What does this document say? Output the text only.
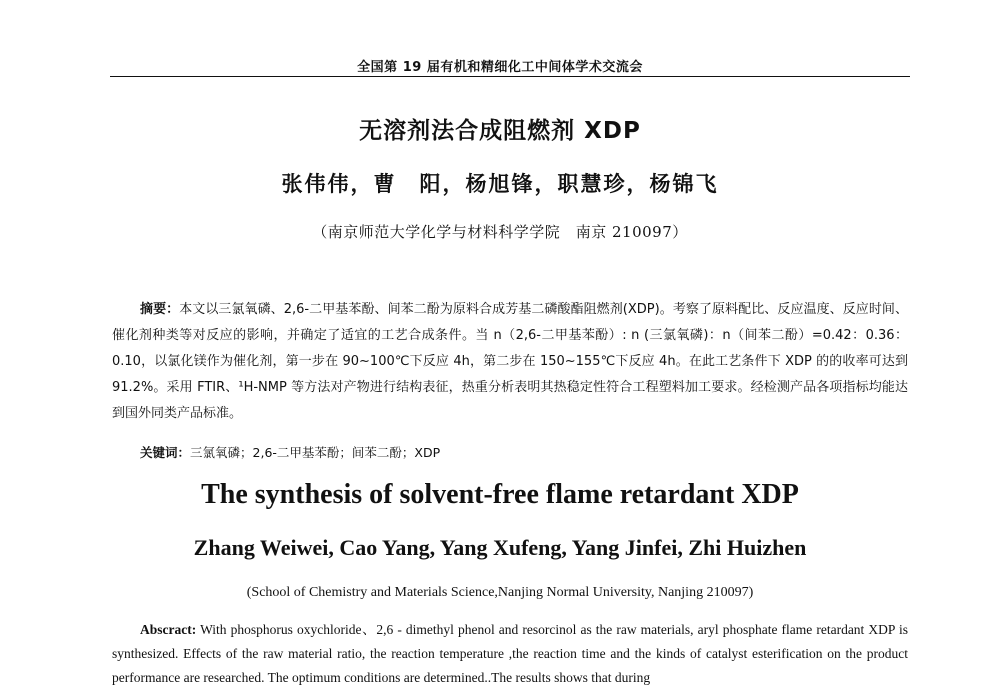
全国第 19 届有机和精细化工中间体学术交流会
无溶剂法合成阻燃剂 XDP
张伟伟，曹　阳，杨旭锋，职慧珍，杨锦飞
（南京师范大学化学与材料科学学院　南京 210097）
摘要：本文以三氯氧磷、2,6-二甲基苯酚、间苯二酚为原料合成芳基二磷酸酯阻燃剂(XDP)。考察了原料配比、反应温度、反应时间、催化剂种类等对反应的影响，并确定了适宜的工艺合成条件。当 n（2,6-二甲基苯酚）: n (三氯氧磷)：n（间苯二酚）=0.42：0.36：0.10，以氯化镁作为催化剂，第一步在 90~100℃下反应 4h，第二步在 150~155℃下反应 4h。在此工艺条件下 XDP 的的收率可达到 91.2%。采用 FTIR、¹H-NMP 等方法对产物进行结构表征，热重分析表明其热稳定性符合工程塑料加工要求。经检测产品各项指标均能达到国外同类产品标准。
关键词：三氯氧磷；2,6-二甲基苯酚；间苯二酚；XDP
The synthesis of solvent-free flame retardant XDP
Zhang Weiwei, Cao Yang, Yang Xufeng, Yang Jinfei, Zhi Huizhen
(School of Chemistry and Materials Science,Nanjing Normal University, Nanjing 210097)
Abscract: With phosphorus oxychloride、2,6 - dimethyl phenol and resorcinol as the raw materials, aryl phosphate flame retardant XDP is synthesized. Effects of the raw material ratio, the reaction temperature ,the reaction time and the kinds of catalyst esterification on the product performance are researched. The optimum conditions are determined..The results shows that during
